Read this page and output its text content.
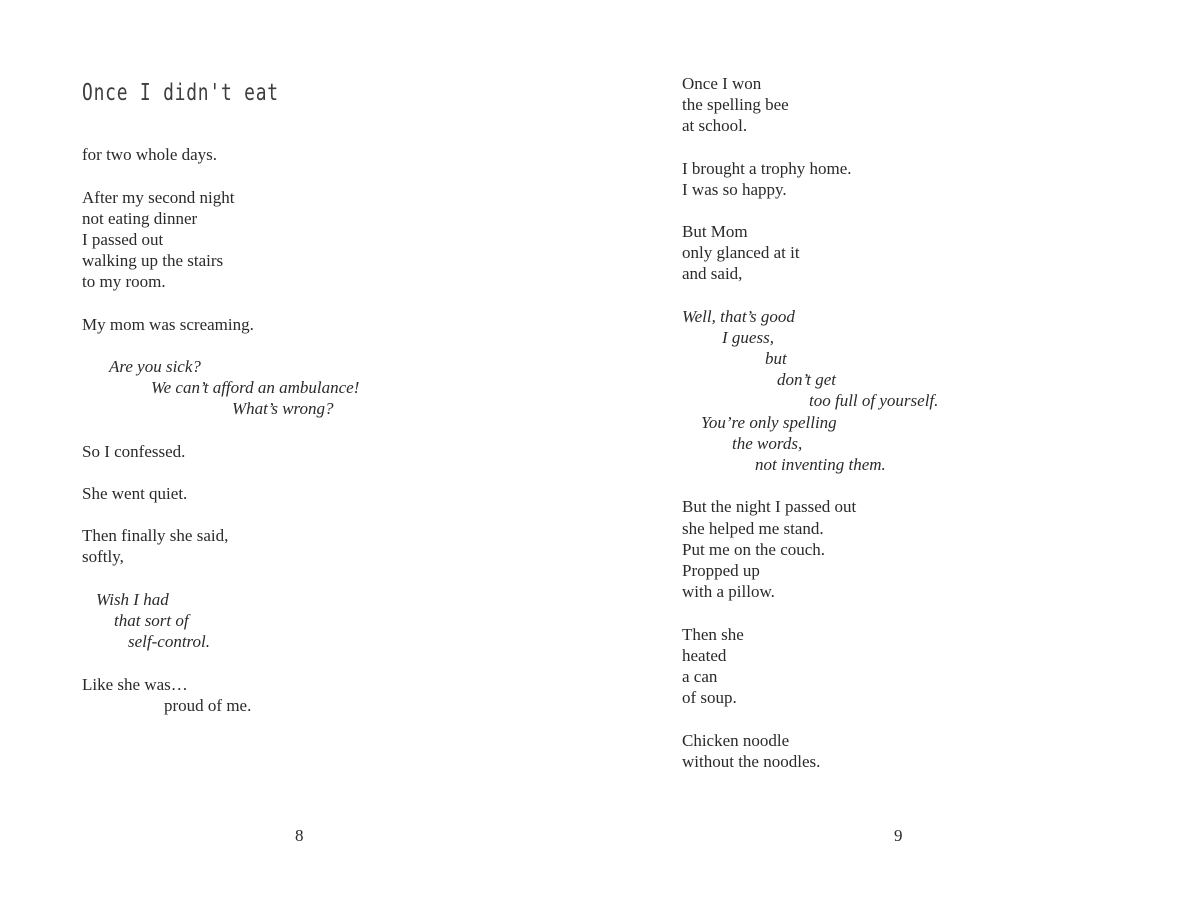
Once I didn't eat
for two whole days.
After my second night
not eating dinner
I passed out
walking up the stairs
to my room.
My mom was screaming.
Are you sick?
We can’t afford an ambulance!
What’s wrong?
So I confessed.
She went quiet.
Then finally she said,
softly,
Wish I had
that sort of
self-control.
Like she was…
proud of me.
8
Once I won
the spelling bee
at school.
I brought a trophy home.
I was so happy.
But Mom
only glanced at it
and said,
Well, that’s good
I guess,
but
don’t get
too full of yourself.
You’re only spelling
the words,
not inventing them.
But the night I passed out
she helped me stand.
Put me on the couch.
Propped up
with a pillow.
Then she
heated
a can
of soup.
Chicken noodle
without the noodles.
9
